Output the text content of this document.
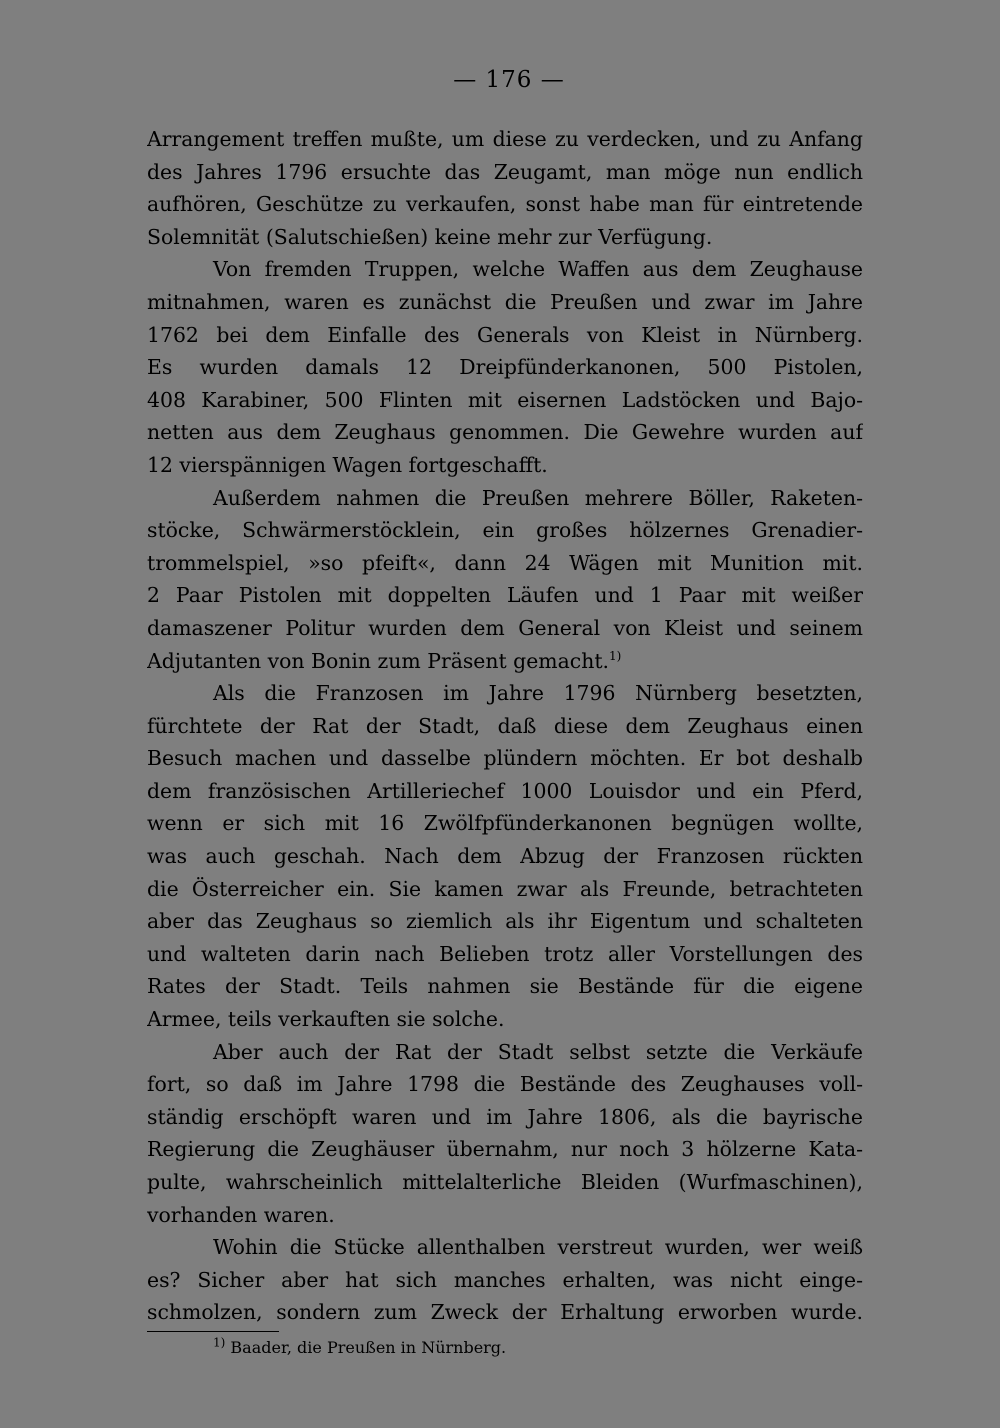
— 176 —

Arrangement treffen mußte, um diese zu verdecken, und zu Anfang
des Jahres 1796 ersuchte das Zeugamt, man möge nun endlich
aufhören, Geschütze zu verkaufen, sonst habe man für eintretende
Solemnität (Salutschießen) keine mehr zur Verfügung.

Von fremden Truppen, welche Waffen aus dem Zeughause
mitnahmen, waren es zunächst die Preußen und zwar im Jahre
1762 bei dem Einfalle des Generals von Kleist in Nürnberg.
Es wurden damals 12 Dreipfünderkanonen, 500 Pistolen,
408 Karabiner, 500 Flinten mit eisernen Ladstöcken und Bajo-
netten aus dem Zeughaus genommen. Die Gewehre wurden auf
12 vierspännigen Wagen fortgeschafft.

Außerdem nahmen die Preußen mehrere Böller, Raketen-
stöcke, Schwärmerstöcklein, ein großes hölzernes Grenadier-
trommelspiel, »so pfeift«, dann 24 Wägen mit Munition mit.
2 Paar Pistolen mit doppelten Läufen und 1 Paar mit weißer
damaszener Politur wurden dem General von Kleist und seinem
Adjutanten von Bonin zum Präsent gemacht.$^{1)}$

Als die Franzosen im Jahre 1796 Nürnberg besetzten,
fürchtete der Rat der Stadt, daß diese dem Zeughaus einen
Besuch machen und dasselbe plündern möchten. Er bot deshalb
dem französischen Artilleriechef 1000 Louisdor und ein Pferd,
wenn er sich mit 16 Zwölfpfünderkanonen begnügen wollte,
was auch geschah. Nach dem Abzug der Franzosen rückten
die Österreicher ein. Sie kamen zwar als Freunde, betrachteten
aber das Zeughaus so ziemlich als ihr Eigentum und schalteten
und walteten darin nach Belieben trotz aller Vorstellungen des
Rates der Stadt. Teils nahmen sie Bestände für die eigene
Armee, teils verkauften sie solche.

Aber auch der Rat der Stadt selbst setzte die Verkäufe
fort, so daß im Jahre 1798 die Bestände des Zeughauses voll-
ständig erschöpft waren und im Jahre 1806, als die bayrische
Regierung die Zeughäuser übernahm, nur noch 3 hölzerne Kata-
pulte, wahrscheinlich mittelalterliche Bleiden (Wurfmaschinen),
vorhanden waren.

Wohin die Stücke allenthalben verstreut wurden, wer weiß
es? Sicher aber hat sich manches erhalten, was nicht einge-
schmolzen, sondern zum Zweck der Erhaltung erworben wurde.

$^{1)}$ Baader, die Preußen in Nürnberg.
